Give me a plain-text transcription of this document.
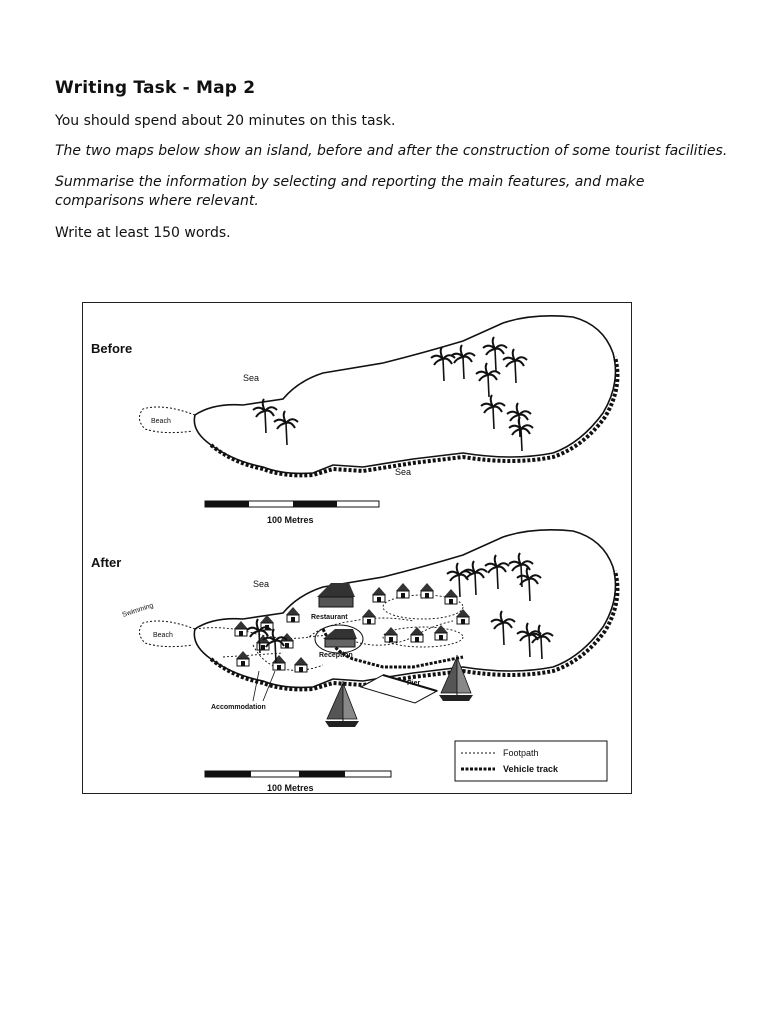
Writing Task - Map 2
You should spend about 20 minutes on this task.
The two maps below show an island, before and after the construction of some tourist facilities.
Summarise the information by selecting and reporting the main features, and make comparisons where relevant.
Write at least 150 words.
Before
Beach
Sea
Sea
100 Metres
After
Swimming
Beach
Sea
Restaurant
Reception
Accommodation
Pier
Footpath
Vehicle track
100 Metres
